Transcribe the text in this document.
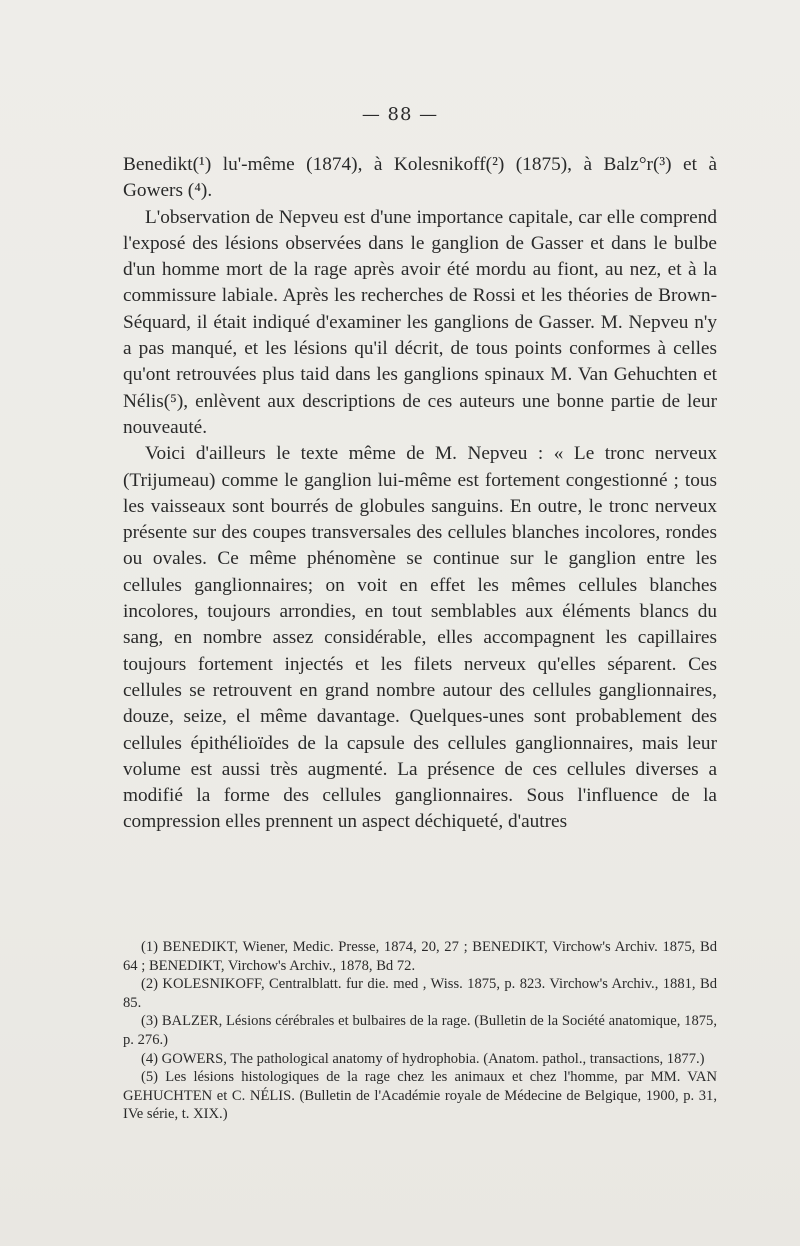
— 88 —

Benedikt(¹) lu'-même (1874), à Kolesnikoff(²) (1875), à Balz°r(³) et à Gowers (⁴).

L'observation de Nepveu est d'une importance capitale, car elle comprend l'exposé des lésions observées dans le ganglion de Gasser et dans le bulbe d'un homme mort de la rage après avoir été mordu au fiont, au nez, et à la commissure labiale. Après les recherches de Rossi et les théories de Brown-Séquard, il était indiqué d'examiner les ganglions de Gasser. M. Nepveu n'y a pas manqué, et les lésions qu'il décrit, de tous points conformes à celles qu'ont retrouvées plus taid dans les ganglions spinaux M. Van Gehuchten et Nélis(⁵), enlèvent aux descriptions de ces auteurs une bonne partie de leur nouveauté.

Voici d'ailleurs le texte même de M. Nepveu : « Le tronc nerveux (Trijumeau) comme le ganglion lui-même est fortement congestionné ; tous les vaisseaux sont bourrés de globules sanguins. En outre, le tronc nerveux présente sur des coupes transversales des cellules blanches incolores, rondes ou ovales. Ce même phénomène se continue sur le ganglion entre les cellules ganglionnaires; on voit en effet les mêmes cellules blanches incolores, toujours arrondies, en tout semblables aux éléments blancs du sang, en nombre assez considérable, elles accompagnent les capillaires toujours fortement injectés et les filets nerveux qu'elles séparent. Ces cellules se retrouvent en grand nombre autour des cellules ganglionnaires, douze, seize, el même davantage. Quelques-unes sont probablement des cellules épithélioïdes de la capsule des cellules ganglionnaires, mais leur volume est aussi très augmenté. La présence de ces cellules diverses a modifié la forme des cellules ganglionnaires. Sous l'influence de la compression elles prennent un aspect déchiqueté, d'autres

(1) BENEDIKT, Wiener, Medic. Presse, 1874, 20, 27 ; BENEDIKT, Virchow's Archiv. 1875, Bd 64 ; BENEDIKT, Virchow's Archiv., 1878, Bd 72.

(2) KOLESNIKOFF, Centralblatt. fur die. med , Wiss. 1875, p. 823. Virchow's Archiv., 1881, Bd 85.

(3) BALZER, Lésions cérébrales et bulbaires de la rage. (Bulletin de la Société anatomique, 1875, p. 276.)

(4) GOWERS, The pathological anatomy of hydrophobia. (Anatom. pathol., transactions, 1877.)

(5) Les lésions histologiques de la rage chez les animaux et chez l'homme, par MM. VAN GEHUCHTEN et C. NÉLIS. (Bulletin de l'Académie royale de Médecine de Belgique, 1900, p. 31, IVe série, t. XIX.)
